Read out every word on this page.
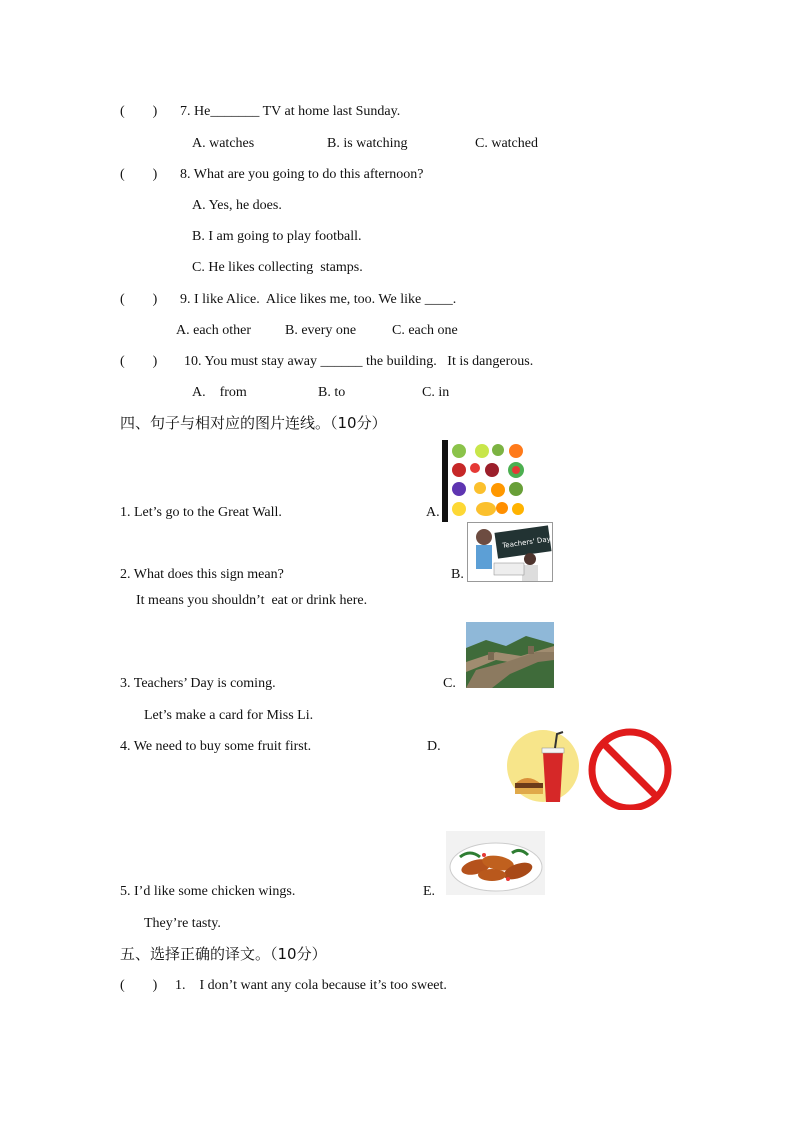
(        ) 7. He_______ TV at home last Sunday.
A. watches	B. is watching	C. watched
(        ) 8. What are you going to do this afternoon?
A. Yes, he does.
B. I am going to play football.
C. He likes collecting  stamps.
(        ) 9. I like Alice.  Alice likes me, too. We like ____.
A. each other B. every one	C. each one
(        ) 10. You must stay away ______ the building.   It is dangerous.
A.    from	B. to	C. in
四、句子与相对应的图片连线。（10分）
1. Let’s go to the Great Wall.	A.
2. What does this sign mean?
It means you shouldn’t  eat or drink here.
B.
3. Teachers’ Day is coming.
Let’s make a card for Miss Li.
C.
4. We need to buy some fruit first.	D.
5. I’d like some chicken wings.
They’re tasty.
E.
Teachers' Day
五、选择正确的译文。（10分）
(        ) 1.    I don’t want any cola because it’s too sweet.
